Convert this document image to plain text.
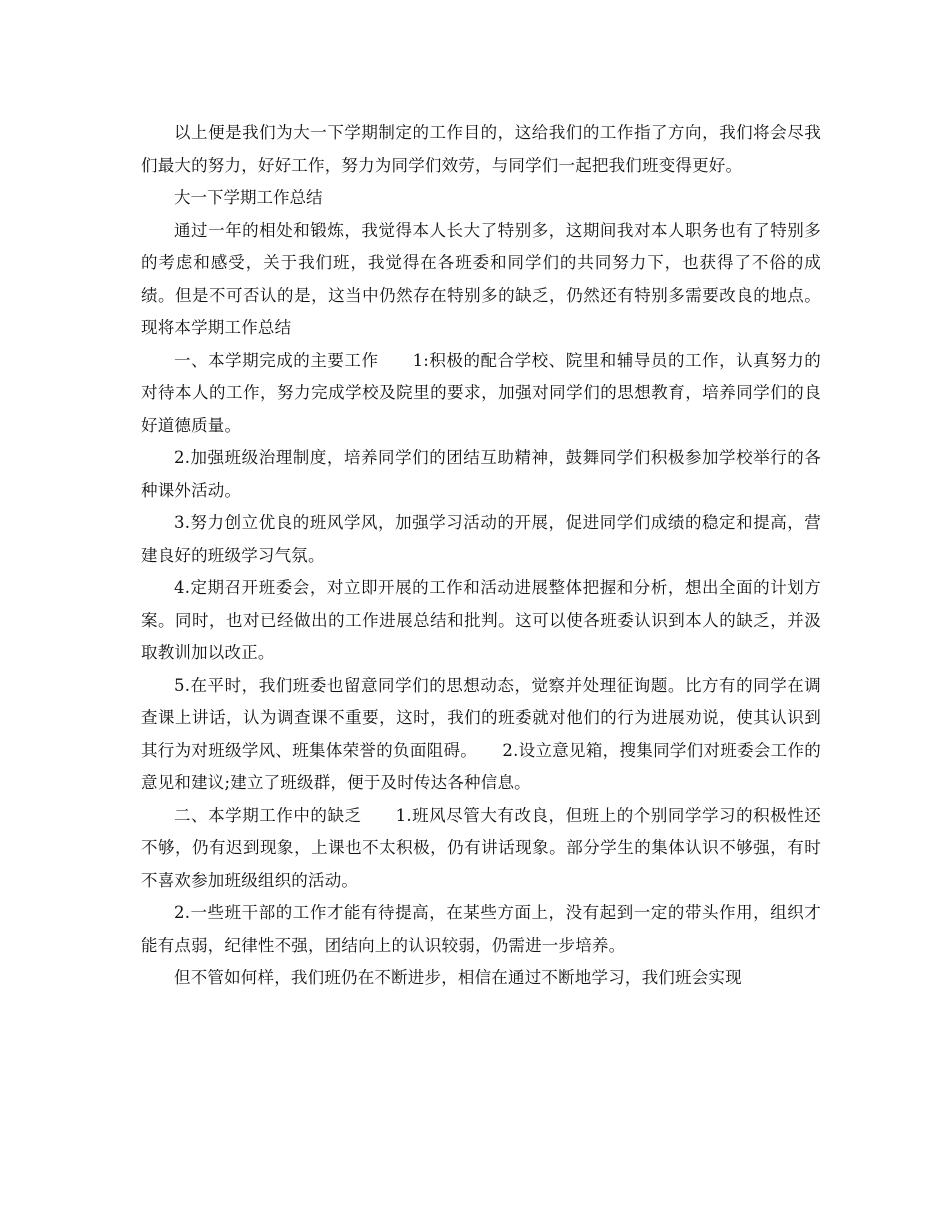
以上便是我们为大一下学期制定的工作目的，这给我们的工作指了方向，我们将会尽我们最大的努力，好好工作，努力为同学们效劳，与同学们一起把我们班变得更好。

大一下学期工作总结

通过一年的相处和锻炼，我觉得本人长大了特别多，这期间我对本人职务也有了特别多的考虑和感受，关于我们班，我觉得在各班委和同学们的共同努力下，也获得了不俗的成绩。但是不可否认的是，这当中仍然存在特别多的缺乏，仍然还有特别多需要改良的地点。现将本学期工作总结

一、本学期完成的主要工作　　1:积极的配合学校、院里和辅导员的工作，认真努力的对待本人的工作，努力完成学校及院里的要求，加强对同学们的思想教育，培养同学们的良好道德质量。

2.加强班级治理制度，培养同学们的团结互助精神，鼓舞同学们积极参加学校举行的各种课外活动。

3.努力创立优良的班风学风，加强学习活动的开展，促进同学们成绩的稳定和提高，营建良好的班级学习气氛。

4.定期召开班委会，对立即开展的工作和活动进展整体把握和分析，想出全面的计划方案。同时，也对已经做出的工作进展总结和批判。这可以使各班委认识到本人的缺乏，并汲取教训加以改正。

5.在平时，我们班委也留意同学们的思想动态，觉察并处理征询题。比方有的同学在调查课上讲话，认为调查课不重要，这时，我们的班委就对他们的行为进展劝说，使其认识到其行为对班级学风、班集体荣誉的负面阻碍。　　2.设立意见箱，搜集同学们对班委会工作的意见和建议;建立了班级群，便于及时传达各种信息。

二、本学期工作中的缺乏　　1.班风尽管大有改良，但班上的个别同学学习的积极性还不够，仍有迟到现象，上课也不太积极，仍有讲话现象。部分学生的集体认识不够强，有时不喜欢参加班级组织的活动。

2.一些班干部的工作才能有待提高，在某些方面上，没有起到一定的带头作用，组织才能有点弱，纪律性不强，团结向上的认识较弱，仍需进一步培养。

但不管如何样，我们班仍在不断进步，相信在通过不断地学习，我们班会实现
